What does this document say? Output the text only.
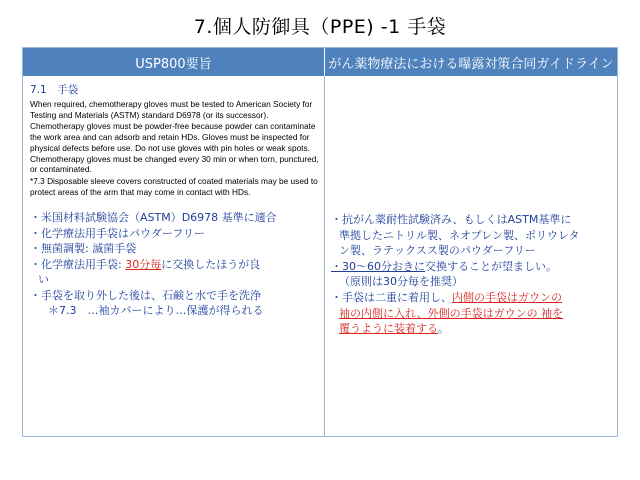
7.個人防御具（PPE) -1 手袋
USP800要旨	がん薬物療法における曝露対策合同ガイドライン
7.1　手袋

When required, chemotherapy gloves must be tested to American Society for Testing and Materials (ASTM) standard D6978 (or its successor). Chemotherapy gloves must be powder-free because powder can contaminate the work area and can adsorb and retain HDs. Gloves must be inspected for physical defects before use. Do not use gloves with pin holes or weak spots. Chemotherapy gloves must be changed every 30 min or when torn, punctured, or contaminated.

*7.3 Disposable sleeve covers constructed of coated materials may be used to protect areas of the arm that may come in contact with HDs.

・米国材料試験協会（ASTM）D6978 基準に適合
・化学療法用手袋はパウダーフリー
・無菌調製: 滅菌手袋
・化学療法用手袋: 30分毎に交換したほうが良
い
・手袋を取り外した後は、石鹸と水で手を洗浄
＊7.3　…袖カバーにより…保護が得られる
・抗がん薬耐性試験済み、もしくはASTM基準に
準拠したニトリル製、ネオプレン製、ポリウレタ
ン製、ラテックスス製のパウダーフリー
・30～60分おきに交換することが望ましい。
（原則は30分毎を推奨）
・手袋は二重に着用し、内側の手袋はガウンの
袖の内側に入れ、外側の手袋はガウンの 袖を
覆うように装着する。
